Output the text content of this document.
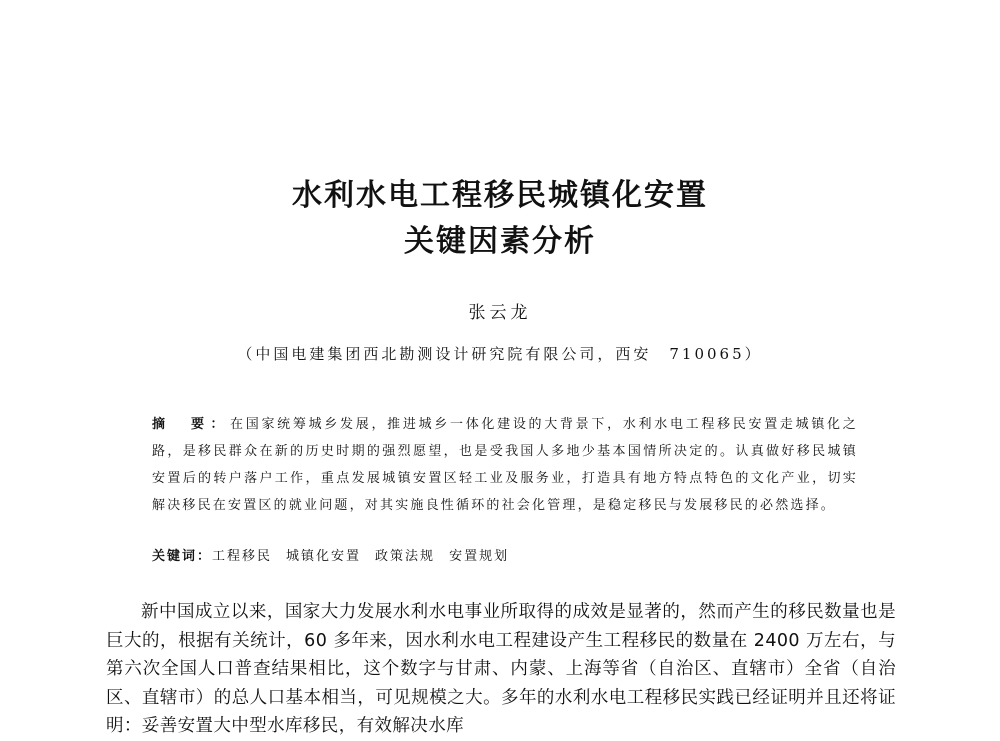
水利水电工程移民城镇化安置
关键因素分析
张云龙
（中国电建集团西北勘测设计研究院有限公司，西安　710065）
摘　要：在国家统筹城乡发展，推进城乡一体化建设的大背景下，水利水电工程移民安置走城镇化之路，是移民群众在新的历史时期的强烈愿望，也是受我国人多地少基本国情所决定的。认真做好移民城镇安置后的转户落户工作，重点发展城镇安置区轻工业及服务业，打造具有地方特点特色的文化产业，切实解决移民在安置区的就业问题，对其实施良性循环的社会化管理，是稳定移民与发展移民的必然选择。
关键词：工程移民 城镇化安置 政策法规 安置规划
新中国成立以来，国家大力发展水利水电事业所取得的成效是显著的，然而产生的移民数量也是巨大的，根据有关统计，60 多年来，因水利水电工程建设产生工程移民的数量在 2400 万左右，与第六次全国人口普查结果相比，这个数字与甘肃、内蒙、上海等省（自治区、直辖市）全省（自治区、直辖市）的总人口基本相当，可见规模之大。多年的水利水电工程移民实践已经证明并且还将证明：妥善安置大中型水库移民，有效解决水库
